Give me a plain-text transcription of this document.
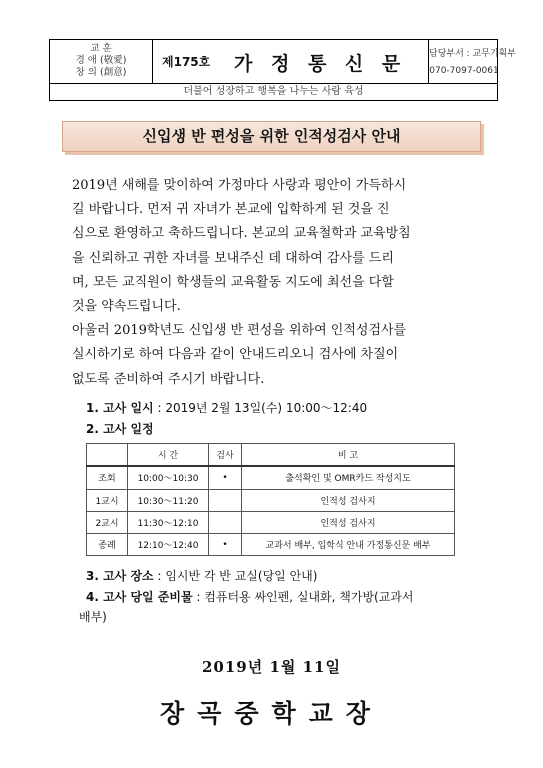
교 훈
경 애 (敬愛)
창 의 (創意)
제175호 가 정 통 신 문	담당부서 : 교무기획부
070-7097-0061
더불어 성장하고 행복을 나누는 사람 육성
신입생 반 편성을 위한 인적성검사 안내
2019년 새해를 맞이하여 가정마다 사랑과 평안이 가득하시
길 바랍니다. 먼저 귀 자녀가 본교에 입학하게 된 것을 진
심으로 환영하고 축하드립니다. 본교의 교육철학과 교육방침
을 신뢰하고 귀한 자녀를 보내주신 데 대하여 감사를 드리
며, 모든 교직원이 학생들의 교육활동 지도에 최선을 다할
것을 약속드립니다.
아울러 2019학년도 신입생 반 편성을 위하여 인적성검사를
실시하기로 하여 다음과 같이 안내드리오니 검사에 차질이
없도록 준비하여 주시기 바랍니다.
1. 고사 일시 : 2019년 2월 13일(수) 10:00～12:40
2. 고사 일정
	시 간	검사	비 고
조회	10:00～10:30	•	출석확인 및 OMR카드 작성지도
1교시	10:30～11:20		인적성 검사지
2교시	11:30～12:10		인적성 검사지
종례	12:10～12:40	•	교과서 배부, 입학식 안내 가정통신문 배부
3. 고사 장소 : 임시반 각 반 교실(당일 안내)
4. 고사 당일 준비물 : 컴퓨터용 싸인펜, 실내화, 책가방(교과서
배부)
2019년 1월 11일
장곡중학교장
